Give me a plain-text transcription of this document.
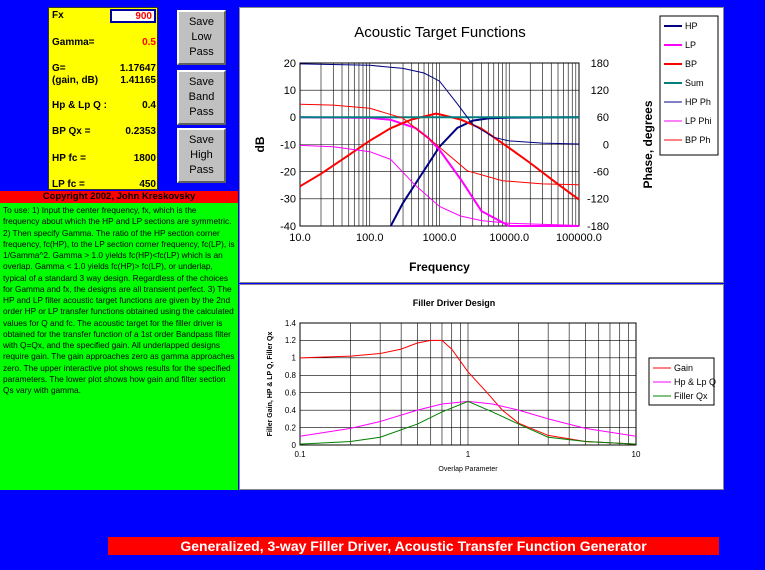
Fx	900
Gamma=	0.5
G=	1.17647
(gain, dB) 1.41165
Hp & Lp Q :	0.4
BP Qx =	0.2353
HP fc =	1800
LP fc =	450
Save
Low
Pass
Save
Band
Pass
Save
High
Pass
Copyright 2002, John Kreskovsky
To use: 1) Input the center frequency, fx, which is the frequency about which the HP and LP sections are symmetric. 2) Then specify Gamma. The ratio of the HP section corner frequency, fc(HP), to the LP section corner frequency, fc(LP), is 1/Gamma^2. Gamma > 1.0 yields fc(HP)<fc(LP) which is an overlap. Gamma < 1.0 yields fc(HP)> fc(LP), or underlap, typical of a standard 3 way design. Regardless of the choices for Gamma and fx, the designs are all transient perfect. 3) The HP and LP filter acoustic target functions are given by the 2nd order HP or LP transfer functions obtained using the calculated values for Q and fc. The acoustic target for the filler driver is obtained for the transfer function of a 1st order Bandpass filter with Q=Qx, and the specified gain. All underlapped designs require gain. The gain approaches zero as gamma approaches zero. The upper interactive plot shows results for the specified parameters. The lower plot shows how gain and filter section Qs vary with gamma.
20
10
0
-10
-20
-30
-40
180
120
60
0
-60
-120
-180
10.0	100.0	1000.0	10000.0 100000.0
Acoustic Target Functions
Frequency
dB	Phase, degrees
HP
LP
BP
Sum
HP Ph
LP Phi
BP Ph
1.4
1.2
1
0.8
0.6
0.4
0.2
0
0.1	1	10
Filler Driver Design
Overlap Parameter
Filler Gain, HP & LP Q, Filler Qx	Gain
Hp & Lp Q
Filler Qx
Generalized, 3-way Filler Driver, Acoustic Transfer Function Generator
